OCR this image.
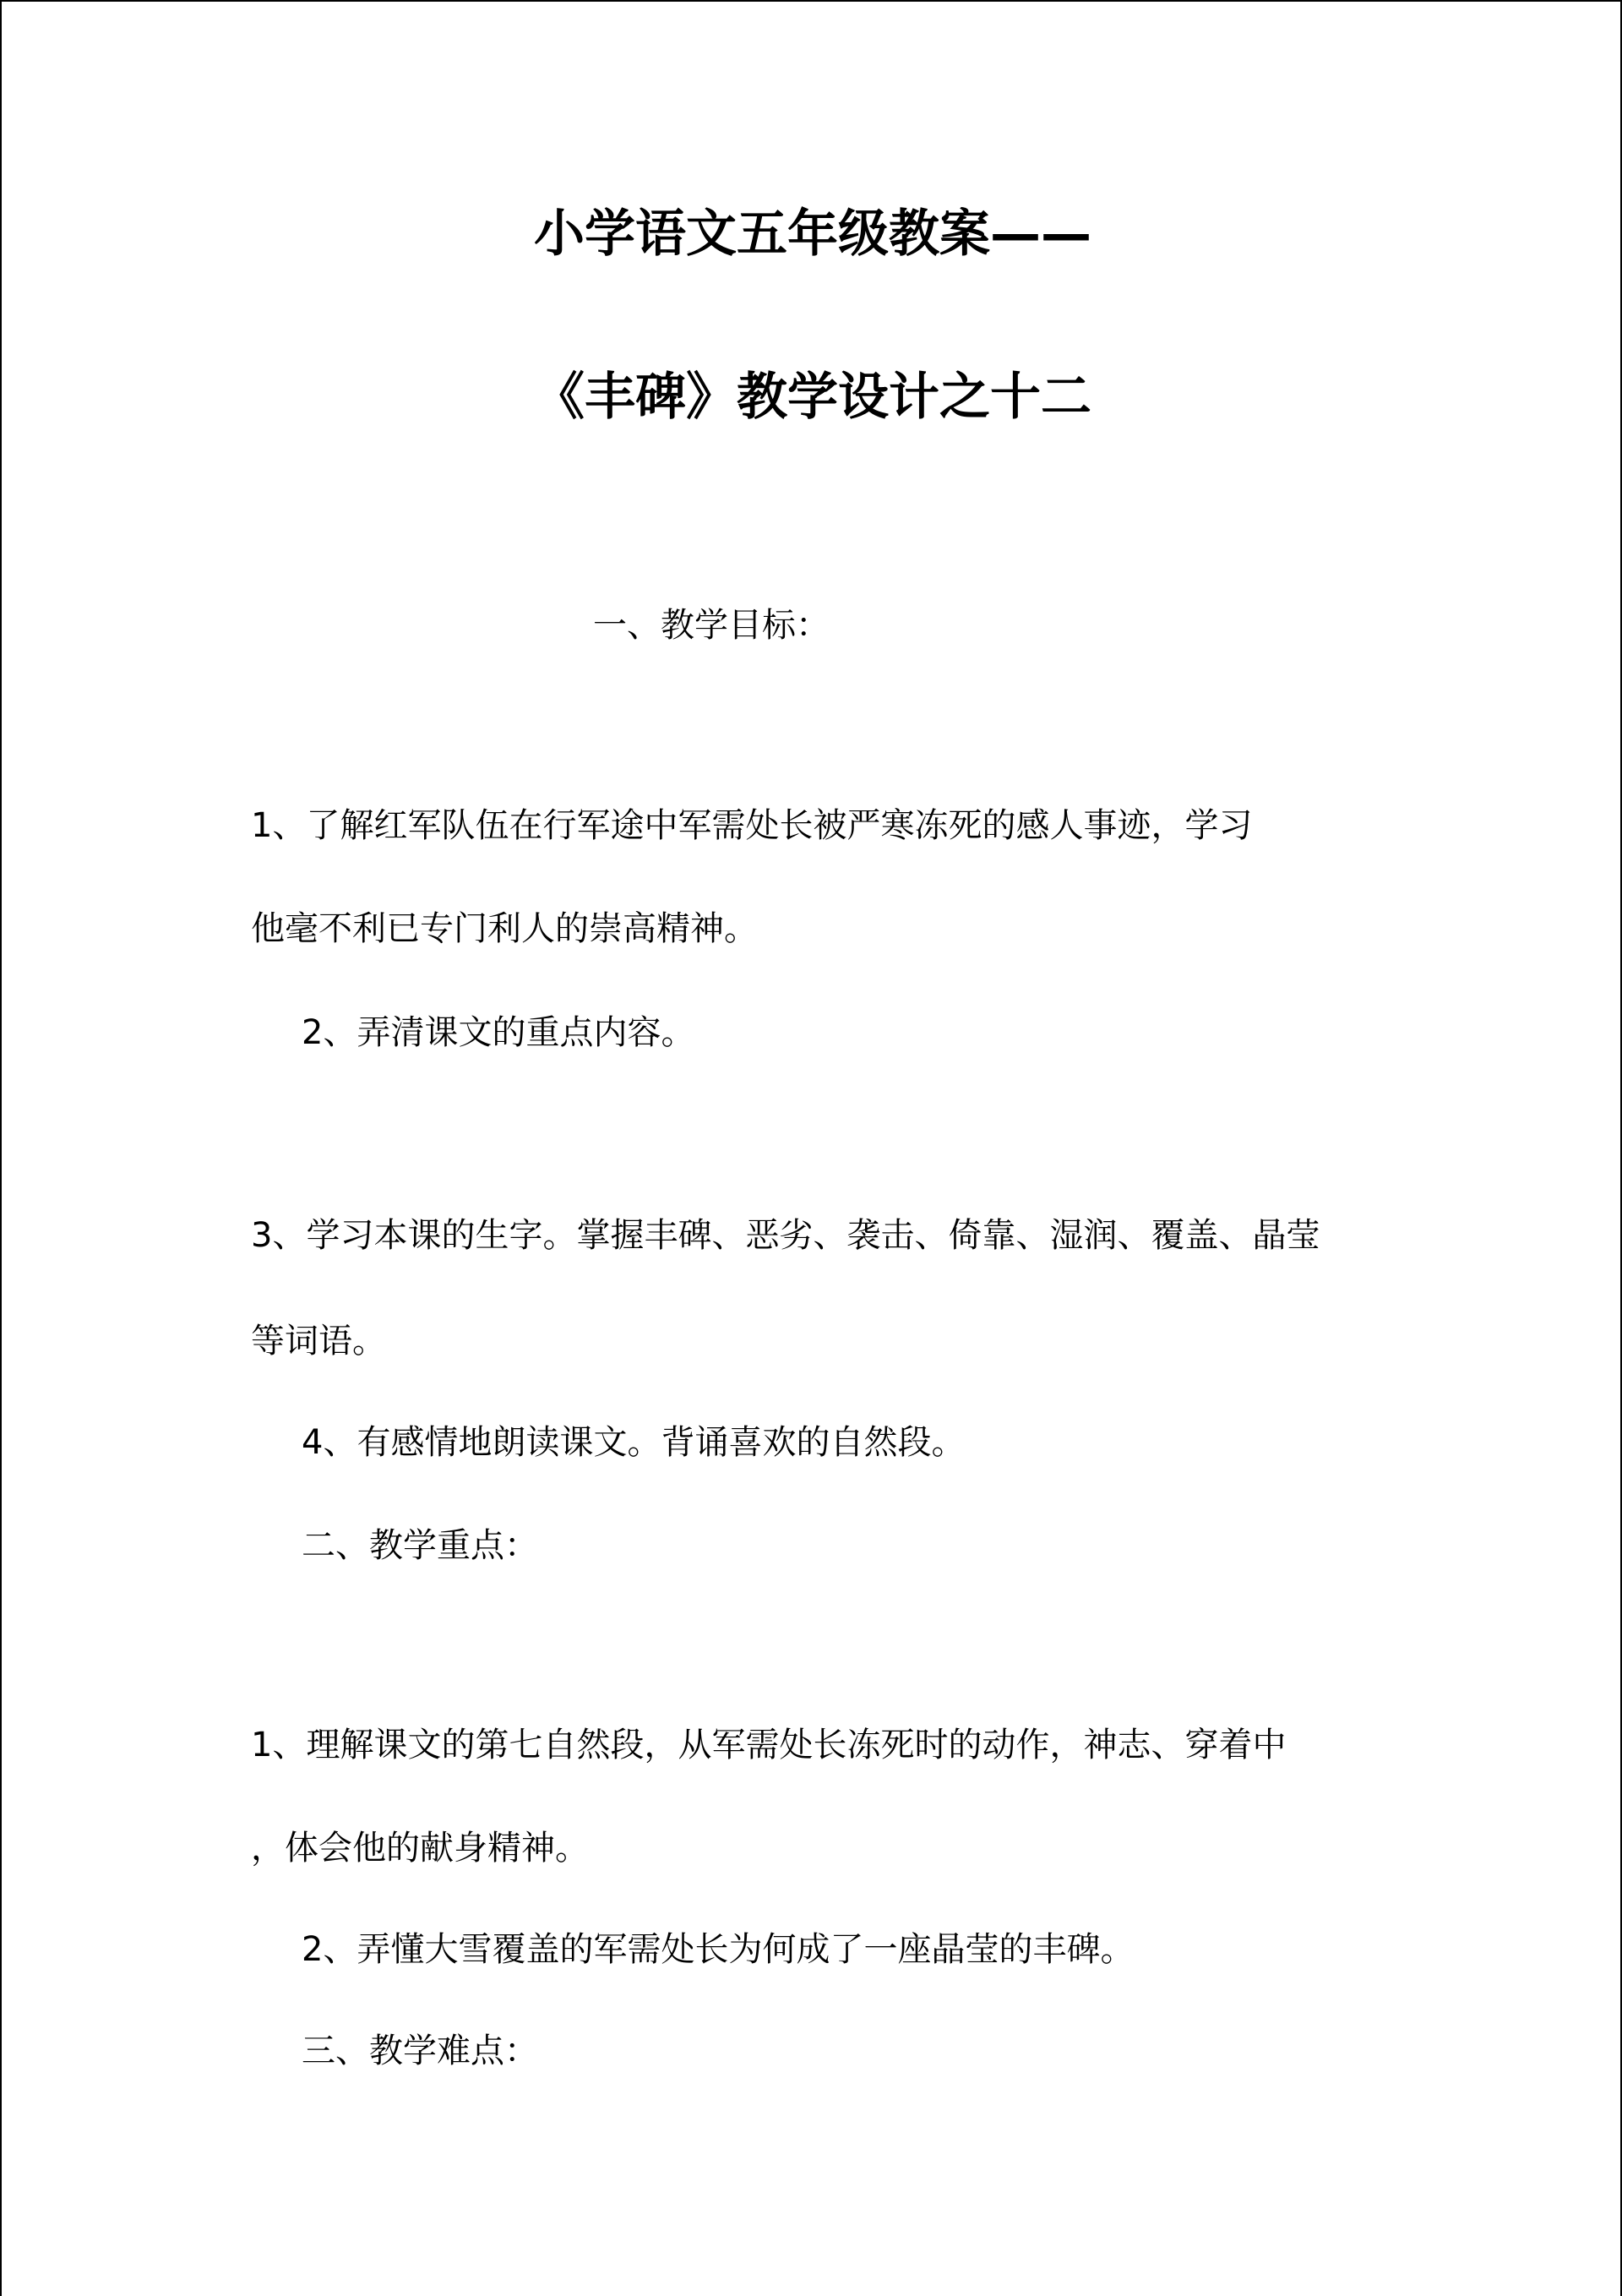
小学语文五年级教案——

《丰碑》教学设计之十二

一、教学目标：

1、了解红军队伍在行军途中军需处长被严寒冻死的感人事迹，学习

他毫不利已专门利人的崇高精神。

2、弄清课文的重点内容。

3、学习本课的生字。掌握丰碑、恶劣、袭击、倚靠、湿润、覆盖、晶莹

等词语。

4、有感情地朗读课文。背诵喜欢的自然段。

二、教学重点：

1、理解课文的第七自然段，从军需处长冻死时的动作，神志、穿着中

，体会他的献身精神。

2、弄懂大雪覆盖的军需处长为何成了一座晶莹的丰碑。

三、教学难点：
